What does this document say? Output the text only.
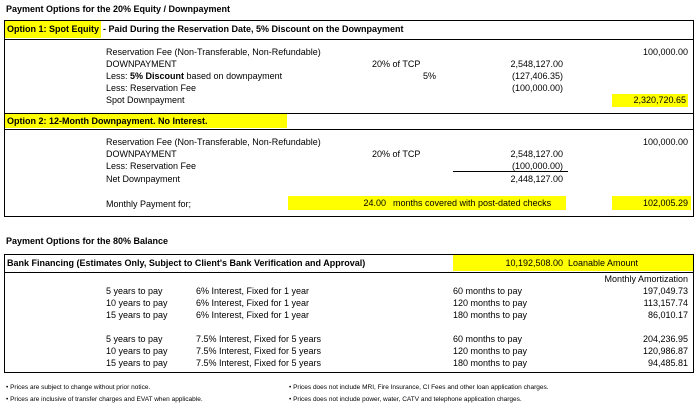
Payment Options for the 20% Equity / Downpayment
Option 1: Spot Equity - Paid During the Reservation Date, 5% Discount on the Downpayment
Reservation Fee (Non-Transferable, Non-Refundable)	100,000.00
DOWNPAYMENT	20% of TCP	2,548,127.00
Less: 5% Discount based on downpayment	5%	(127,406.35)
Less: Reservation Fee	(100,000.00)
Spot Downpayment	2,320,720.65
Option 2: 12-Month Downpayment. No Interest.
Reservation Fee (Non-Transferable, Non-Refundable)	100,000.00
DOWNPAYMENT	20% of TCP	2,548,127.00
Less: Reservation Fee	(100,000.00)
Net Downpayment	2,448,127.00
Monthly Payment for;	24.00 months covered with post-dated checks	102,005.29
Payment Options for the 80% Balance
Bank Financing (Estimates Only, Subject to Client's Bank Verification and Approval)	10,192,508.00 Loanable Amount
Monthly Amortization
5 years to pay	6% Interest, Fixed for 1 year	60 months to pay	197,049.73
10 years to pay	6% Interest, Fixed for 1 year	120 months to pay	113,157.74
15 years to pay	6% Interest, Fixed for 1 year	180 months to pay	86,010.17
5 years to pay	7.5% Interest, Fixed for 5 years	60 months to pay	204,236.95
10 years to pay	7.5% Interest, Fixed for 5 years	120 months to pay	120,986.87
15 years to pay	7.5% Interest, Fixed for 5 years	180 months to pay	94,485.81
• Prices are subject to change without prior notice.
• Prices are inclusive of transfer charges and EVAT when applicable.
• Prices does not include MRI, Fire Insurance, CI Fees and other loan application charges.
• Prices does not include power, water, CATV and telephone application charges.
